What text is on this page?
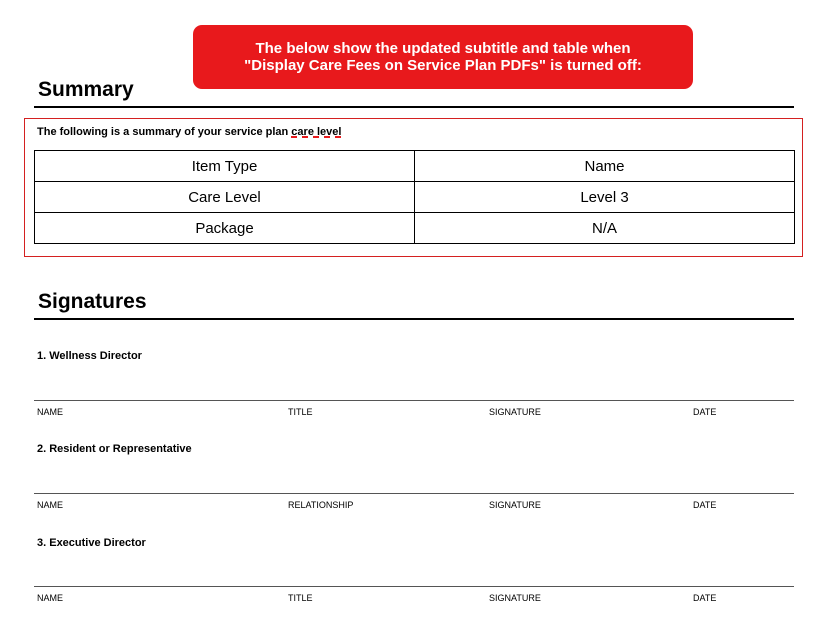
The below show the updated subtitle and table when
"Display Care Fees on Service Plan PDFs" is turned off:
Summary
The following is a summary of your service plan care level
Item Type	Name
Care Level	Level 3
Package	N/A
Signatures
1. Wellness Director
NAME	TITLE	SIGNATURE	DATE
2. Resident or Representative
NAME	RELATIONSHIP	SIGNATURE	DATE
3. Executive Director
NAME	TITLE	SIGNATURE	DATE
